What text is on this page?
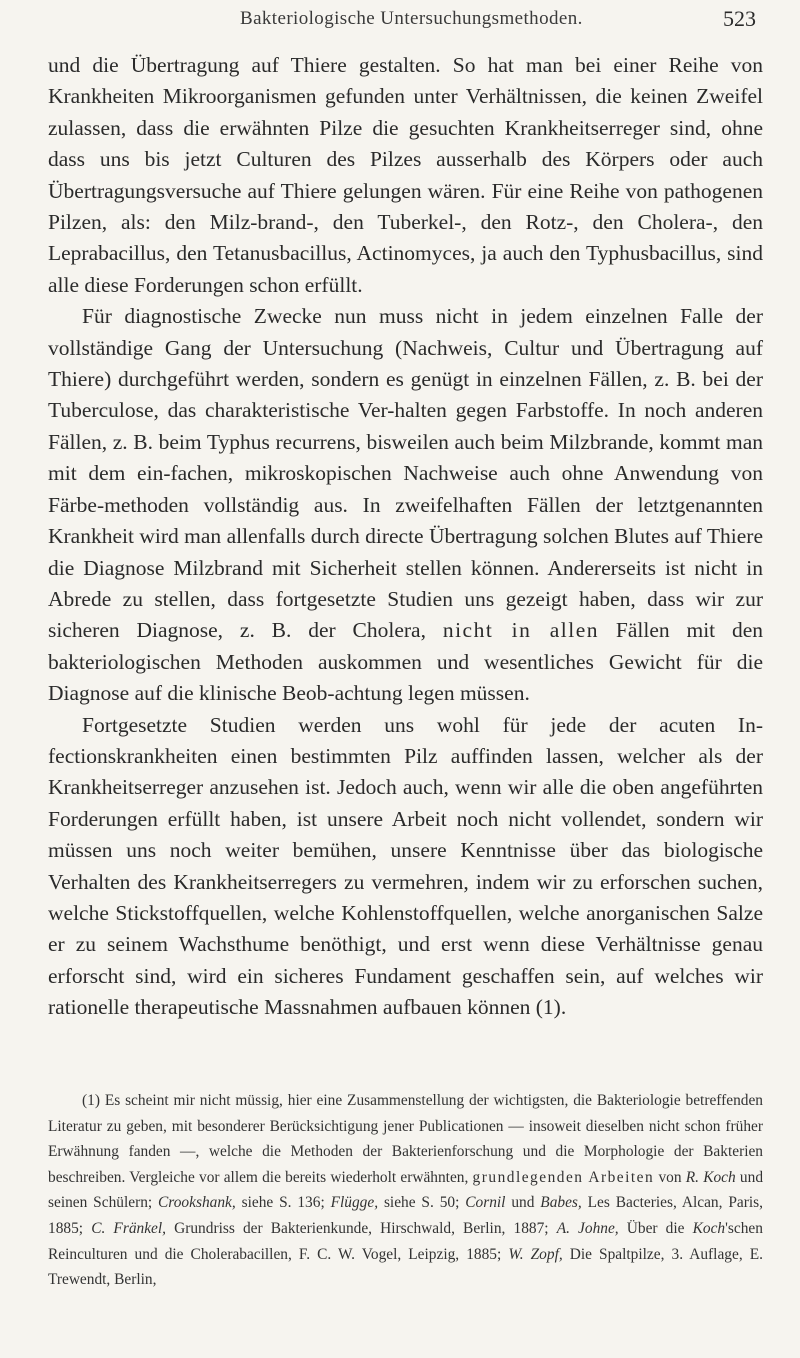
Bakteriologische Untersuchungsmethoden.	523

und die Übertragung auf Thiere gestalten. So hat man bei einer Reihe von Krankheiten Mikroorganismen gefunden unter Verhältnissen, die keinen Zweifel zulassen, dass die erwähnten Pilze die gesuchten Krankheitserreger sind, ohne dass uns bis jetzt Culturen des Pilzes ausserhalb des Körpers oder auch Übertragungsversuche auf Thiere gelungen wären. Für eine Reihe von pathogenen Pilzen, als: den Milz-brand-, den Tuberkel-, den Rotz-, den Cholera-, den Leprabacillus, den Tetanusbacillus, Actinomyces, ja auch den Typhusbacillus, sind alle diese Forderungen schon erfüllt.

Für diagnostische Zwecke nun muss nicht in jedem einzelnen Falle der vollständige Gang der Untersuchung (Nachweis, Cultur und Übertragung auf Thiere) durchgeführt werden, sondern es genügt in einzelnen Fällen, z. B. bei der Tuberculose, das charakteristische Ver-halten gegen Farbstoffe. In noch anderen Fällen, z. B. beim Typhus recurrens, bisweilen auch beim Milzbrande, kommt man mit dem ein-fachen, mikroskopischen Nachweise auch ohne Anwendung von Färbe-methoden vollständig aus. In zweifelhaften Fällen der letztgenannten Krankheit wird man allenfalls durch directe Übertragung solchen Blutes auf Thiere die Diagnose Milzbrand mit Sicherheit stellen können. Andererseits ist nicht in Abrede zu stellen, dass fortgesetzte Studien uns gezeigt haben, dass wir zur sicheren Diagnose, z. B. der Cholera, nicht in allen Fällen mit den bakteriologischen Methoden auskommen und wesentliches Gewicht für die Diagnose auf die klinische Beob-achtung legen müssen.

Fortgesetzte Studien werden uns wohl für jede der acuten In-fectionskrankheiten einen bestimmten Pilz auffinden lassen, welcher als der Krankheitserreger anzusehen ist. Jedoch auch, wenn wir alle die oben angeführten Forderungen erfüllt haben, ist unsere Arbeit noch nicht vollendet, sondern wir müssen uns noch weiter bemühen, unsere Kenntnisse über das biologische Verhalten des Krankheitserregers zu vermehren, indem wir zu erforschen suchen, welche Stickstoffquellen, welche Kohlenstoffquellen, welche anorganischen Salze er zu seinem Wachsthume benöthigt, und erst wenn diese Verhältnisse genau erforscht sind, wird ein sicheres Fundament geschaffen sein, auf welches wir rationelle therapeutische Massnahmen aufbauen können (1).

(1) Es scheint mir nicht müssig, hier eine Zusammenstellung der wichtigsten, die Bakteriologie betreffenden Literatur zu geben, mit besonderer Berücksichtigung jener Publicationen — insoweit dieselben nicht schon früher Erwähnung fanden —, welche die Methoden der Bakterienforschung und die Morphologie der Bakterien beschreiben. Vergleiche vor allem die bereits wiederholt erwähnten, grundlegenden Arbeiten von R. Koch und seinen Schülern; Crookshank, siehe S. 136; Flügge, siehe S. 50; Cornil und Babes, Les Bacteries, Alcan, Paris, 1885; C. Fränkel, Grundriss der Bakterienkunde, Hirschwald, Berlin, 1887; A. Johne, Über die Koch'schen Reinculturen und die Cholerabacillen, F. C. W. Vogel, Leipzig, 1885; W. Zopf, Die Spaltpilze, 3. Auflage, E. Trewendt, Berlin,
